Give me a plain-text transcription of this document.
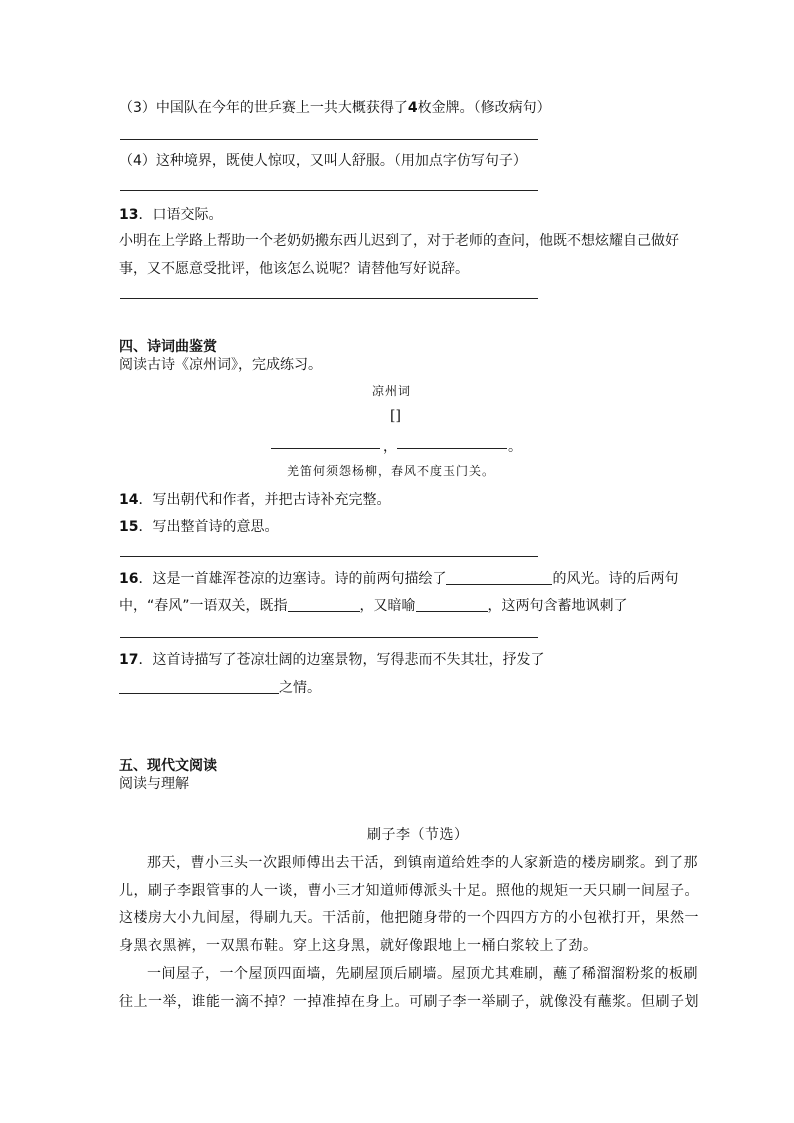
（3）中国队在今年的世乒赛上一共大概获得了4枚金牌。（修改病句）
（4）这种境界，既使人惊叹，又叫人舒服。（用加点字仿写句子）
13．口语交际。
小明在上学路上帮助一个老奶奶搬东西儿迟到了，对于老师的查问，他既不想炫耀自己做好
事，又不愿意受批评，他该怎么说呢？请替他写好说辞。
四、诗词曲鉴赏
阅读古诗《凉州词》，完成练习。
凉州词
[]
，	。
羌笛何须怨杨柳，春风不度玉门关。
14．写出朝代和作者，并把古诗补充完整。
15．写出整首诗的意思。
16．这是一首雄浑苍凉的边塞诗。诗的前两句描绘了	的风光。诗的后两句
中，“春风”一语双关，既指	，又暗喻	，这两句含蓄地讽刺了
17．这首诗描写了苍凉壮阔的边塞景物，写得悲而不失其壮，抒发了
之情。
五、现代文阅读
阅读与理解
刷子李（节选）
那天，曹小三头一次跟师傅出去干活，到镇南道给姓李的人家新造的楼房刷浆。到了那
儿，刷子李跟管事的人一谈，曹小三才知道师傅派头十足。照他的规矩一天只刷一间屋子。
这楼房大小九间屋，得刷九天。干活前，他把随身带的一个四四方方的小包袱打开，果然一
身黑衣黑裤，一双黑布鞋。穿上这身黑，就好像跟地上一桶白浆较上了劲。
一间屋子，一个屋顶四面墙，先刷屋顶后刷墙。屋顶尤其难刷，蘸了稀溜溜粉浆的板刷
往上一举，谁能一滴不掉？一掉准掉在身上。可刷子李一举刷子，就像没有蘸浆。但刷子划
